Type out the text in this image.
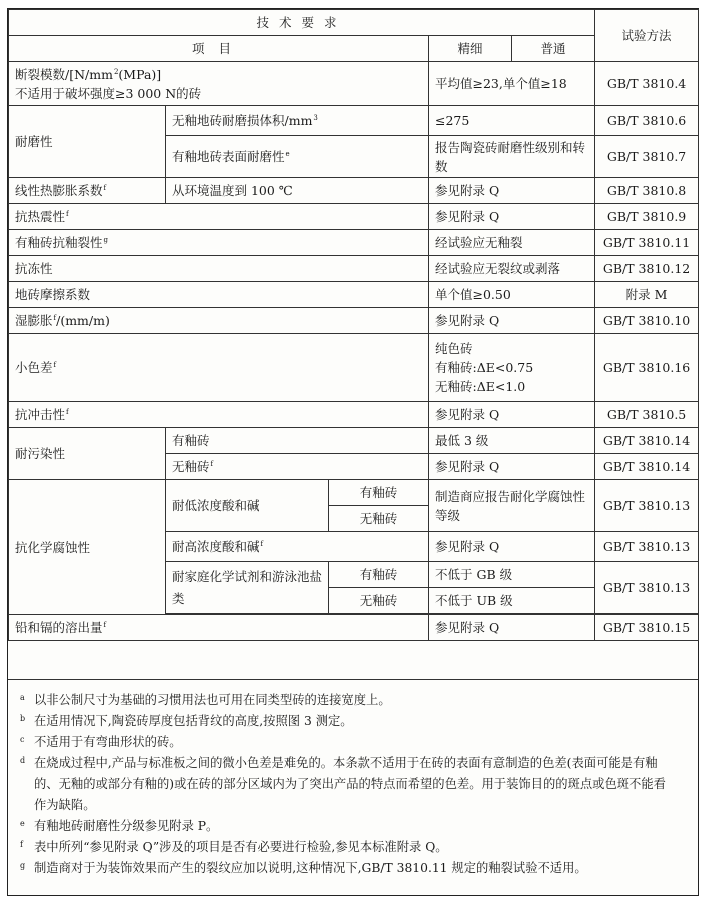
技术要求					试验方法
项目			精细	普通	

断裂模数$/[N/mm^2(MPa)]$
不适用于破坏强度≥3 000 N的砖			平均值≥23,单个值≥18		GB/T 3810.4
耐磨性	无釉地砖耐磨损体积$/mm^3$		≤275		GB/T 3810.6
	有釉地砖表面耐磨性$^e$		报告陶瓷砖耐磨性级别和转数		GB/T 3810.7
线性热膨胀系数$^f$	从环境温度到 100 ℃		参见附录 Q		GB/T 3810.8
抗热震性$^f$			参见附录 Q		GB/T 3810.9
有釉砖抗釉裂性$^g$			经试验应无釉裂		GB/T 3810.11
抗冻性			经试验应无裂纹或剥落		GB/T 3810.12
地砖摩擦系数			单个值≥0.50		附录 M
湿膨胀$^f$/(mm/m)			参见附录 Q		GB/T 3810.10
小色差$^f$			纯色砖
有釉砖:ΔE<0.75
无釉砖:ΔE<1.0		GB/T 3810.16
抗冲击性$^f$			参见附录 Q		GB/T 3810.5
耐污染性	有釉砖		最低 3 级		GB/T 3810.14
	无釉砖$^f$		参见附录 Q		GB/T 3810.14
抗化学腐蚀性	耐低浓度酸和碱	有釉砖	制造商应报告耐化学腐蚀性等级		GB/T 3810.13
		无釉砖			
	耐高浓度酸和碱$^f$		参见附录 Q		GB/T 3810.13
	耐家庭化学试剂和游泳池盐类	有釉砖	不低于 GB 级		GB/T 3810.13
		无釉砖	不低于 UB 级		

铅和镉的溶出量$^f$			参见附录 Q		GB/T 3810.15
a 以非公制尺寸为基础的习惯用法也可用在同类型砖的连接宽度上。
b 在适用情况下,陶瓷砖厚度包括背纹的高度,按照图 3 测定。
c 不适用于有弯曲形状的砖。
d 在烧成过程中,产品与标准板之间的微小色差是难免的。本条款不适用于在砖的表面有意制造的色差(表面可能是有釉的、无釉的或部分有釉的)或在砖的部分区域内为了突出产品的特点而希望的色差。用于装饰目的的斑点或色斑不能看作为缺陷。
e 有釉地砖耐磨性分级参见附录 P。
f 表中所列“参见附录 Q”涉及的项目是否有必要进行检验,参见本标准附录 Q。
g 制造商对于为装饰效果而产生的裂纹应加以说明,这种情况下,GB/T 3810.11 规定的釉裂试验不适用。
